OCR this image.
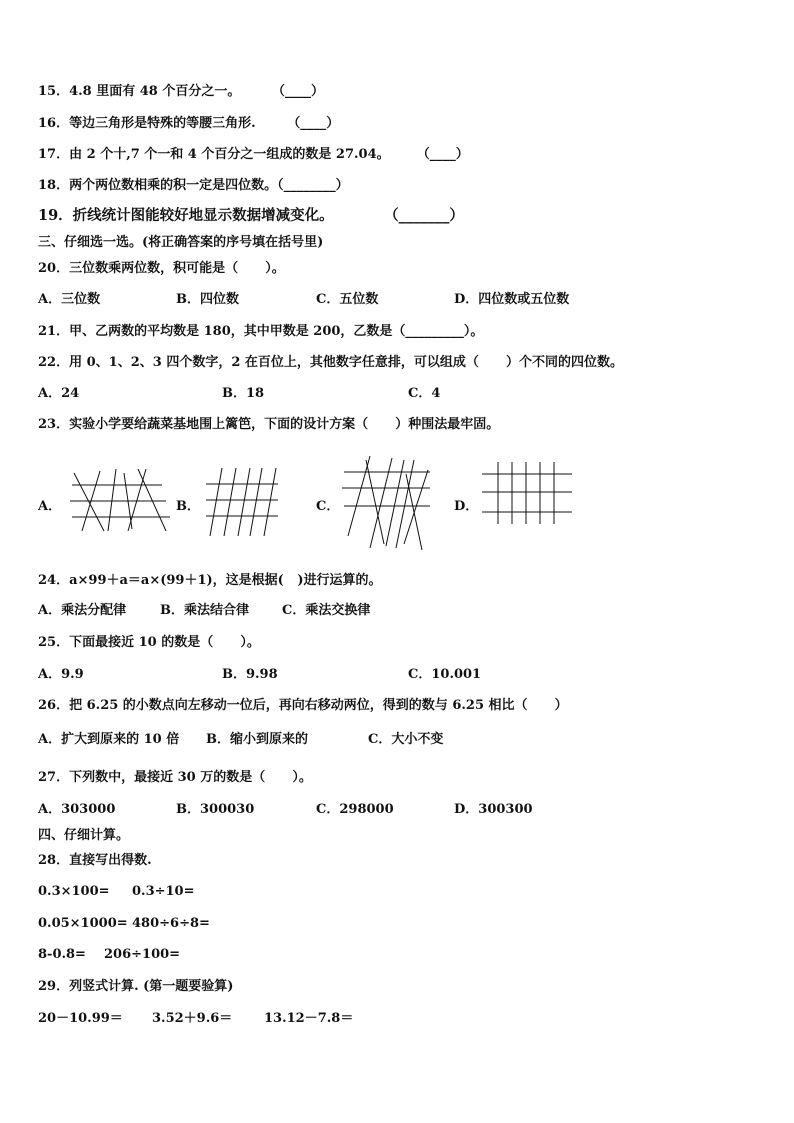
15．4.8 里面有 48 个百分之一。       （____）
16．等边三角形是特殊的等腰三角形.       （____）
17．由 2 个十,7 个一和 4 个百分之一组成的数是 27.04。      （____）
18．两个两位数相乘的积一定是四位数。（________）
19．折线统计图能较好地显示数据增减变化。          （_______）
三、仔细选一选。(将正确答案的序号填在括号里)
20．三位数乘两位数，积可能是（      ）。
A．三位数	B．四位数	C．五位数	D．四位数或五位数
21．甲、乙两数的平均数是 180，其中甲数是 200，乙数是（_________）。
22．用 0、1、2、3 四个数字，2 在百位上，其他数字任意排，可以组成（      ）个不同的四位数。
A．24	B．18	C．4
23．实验小学要给蔬菜基地围上篱笆，下面的设计方案（      ）种围法最牢固。
A．	B．	C．	D．
24．a×99＋a＝a×(99＋1)，这是根据(   )进行运算的。
A．乘法分配律	B．乘法结合律	C．乘法交换律
25．下面最接近 10 的数是（      ）。
A．9.9	B．9.98	C．10.001
26．把 6.25 的小数点向左移动一位后，再向右移动两位，得到的数与 6.25 相比（      ）
A．扩大到原来的 10 倍 B．缩小到原来的	C．大小不变
27．下列数中，最接近 30 万的数是（      ）。
A．303000	B．300030	C．298000	D．300300
四、仔细计算。
28．直接写出得数.
0.3×100= 0.3÷10=
0.05×1000= 480÷6÷8=
8-0.8= 206÷100=
29．列竖式计算. (第一题要验算)
20－10.99＝ 3.52＋9.6＝ 13.12－7.8＝
